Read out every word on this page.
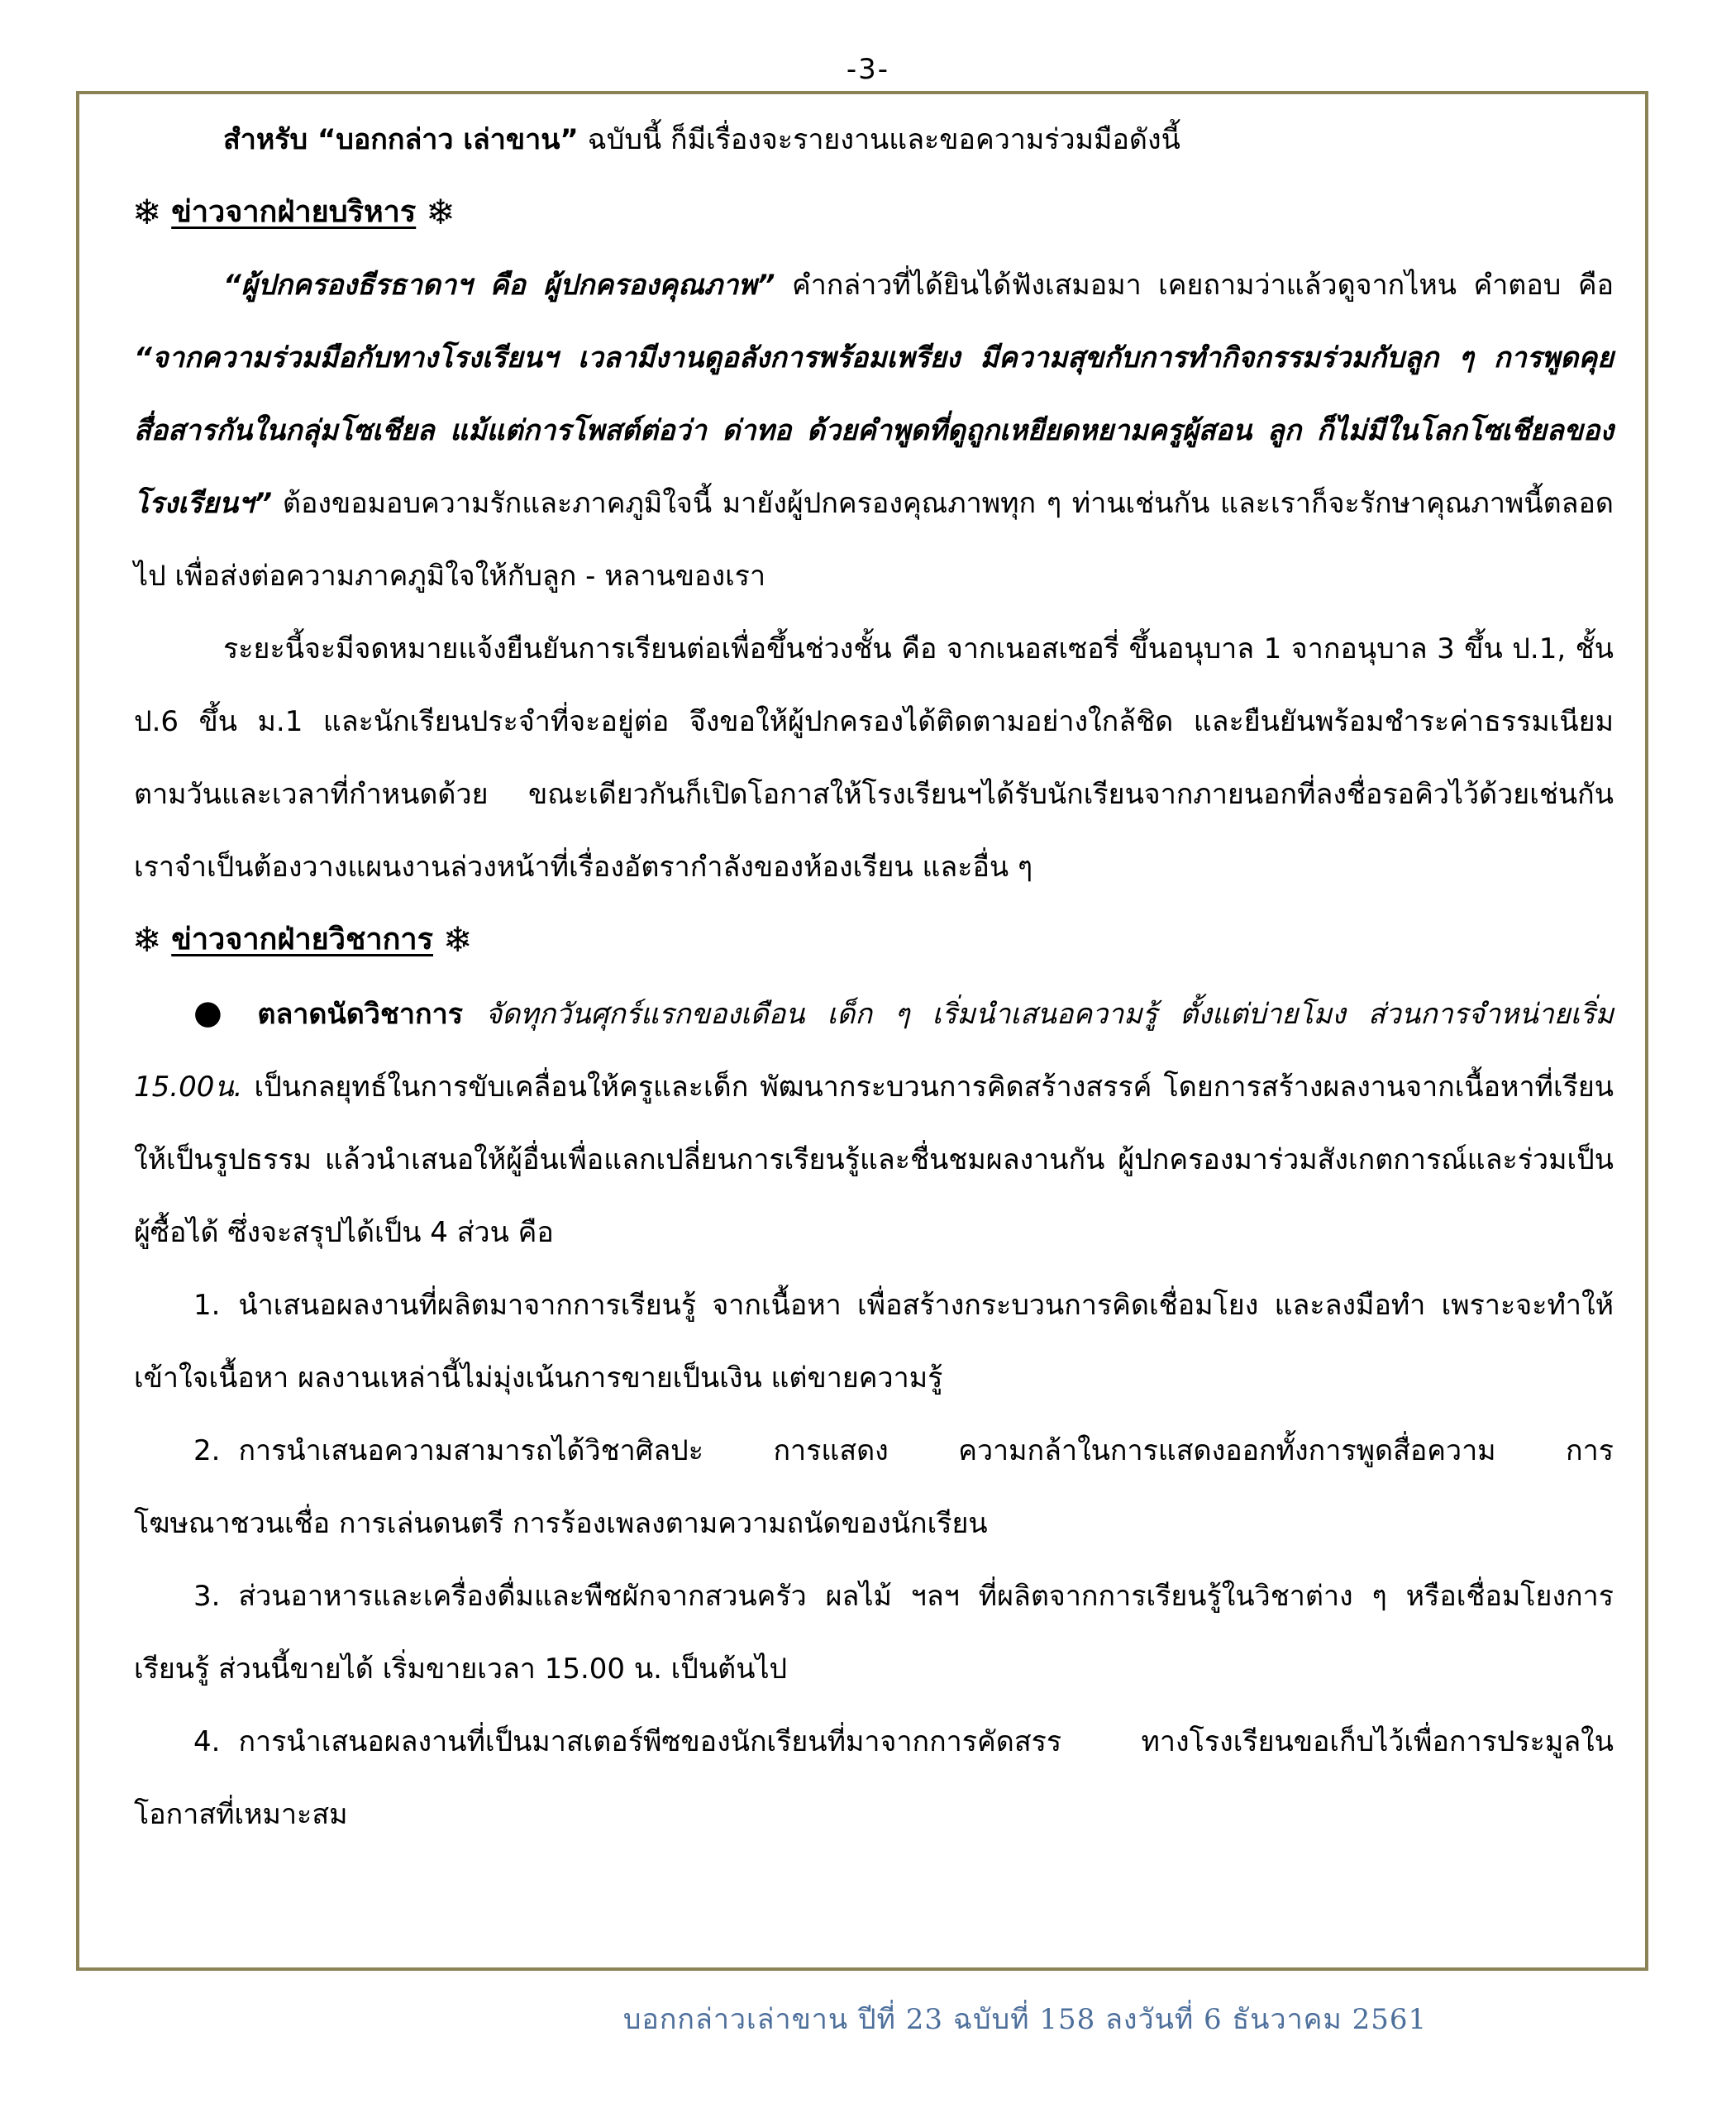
-3-

สำหรับ “บอกกล่าว เล่าขาน” ฉบับนี้ ก็มีเรื่องจะรายงานและขอความร่วมมือดังนี้

❄ ข่าวจากฝ่ายบริหาร ❄

“ผู้ปกครองธีรธาดาฯ คือ ผู้ปกครองคุณภาพ” คำกล่าวที่ได้ยินได้ฟังเสมอมา เคยถามว่าแล้วดูจากไหน คำตอบ คือ “จากความร่วมมือกับทางโรงเรียนฯ เวลามีงานดูอลังการพร้อมเพรียง มีความสุขกับการทำกิจกรรมร่วมกับลูก ๆ การพูดคุยสื่อสารกันในกลุ่มโซเชียล แม้แต่การโพสต์ต่อว่า ด่าทอ ด้วยคำพูดที่ดูถูกเหยียดหยามครูผู้สอน ลูก ก็ไม่มีในโลกโซเชียลของโรงเรียนฯ” ต้องขอมอบความรักและภาคภูมิใจนี้ มายังผู้ปกครองคุณภาพทุก ๆ ท่านเช่นกัน และเราก็จะรักษาคุณภาพนี้ตลอดไป เพื่อส่งต่อความภาคภูมิใจให้กับลูก - หลานของเรา

ระยะนี้จะมีจดหมายแจ้งยืนยันการเรียนต่อเพื่อขึ้นช่วงชั้น คือ จากเนอสเซอรี่ ขึ้นอนุบาล 1 จากอนุบาล 3 ขึ้น ป.1, ชั้น ป.6 ขึ้น ม.1 และนักเรียนประจำที่จะอยู่ต่อ จึงขอให้ผู้ปกครองได้ติดตามอย่างใกล้ชิด และยืนยันพร้อมชำระค่าธรรมเนียม ตามวันและเวลาที่กำหนดด้วย ขณะเดียวกันก็เปิดโอกาสให้โรงเรียนฯได้รับนักเรียนจากภายนอกที่ลงชื่อรอคิวไว้ด้วยเช่นกัน เราจำเป็นต้องวางแผนงานล่วงหน้าที่เรื่องอัตรากำลังของห้องเรียน และอื่น ๆ

❄ ข่าวจากฝ่ายวิชาการ ❄

● ตลาดนัดวิชาการ จัดทุกวันศุกร์แรกของเดือน เด็ก ๆ เริ่มนำเสนอความรู้ ตั้งแต่บ่ายโมง ส่วนการจำหน่ายเริ่ม 15.00น. เป็นกลยุทธ์ในการขับเคลื่อนให้ครูและเด็ก พัฒนากระบวนการคิดสร้างสรรค์ โดยการสร้างผลงานจากเนื้อหาที่เรียนให้เป็นรูปธรรม แล้วนำเสนอให้ผู้อื่นเพื่อแลกเปลี่ยนการเรียนรู้และชื่นชมผลงานกัน ผู้ปกครองมาร่วมสังเกตการณ์และร่วมเป็นผู้ซื้อได้ ซึ่งจะสรุปได้เป็น 4 ส่วน คือ

1. นำเสนอผลงานที่ผลิตมาจากการเรียนรู้ จากเนื้อหา เพื่อสร้างกระบวนการคิดเชื่อมโยง และลงมือทำ เพราะจะทำให้เข้าใจเนื้อหา ผลงานเหล่านี้ไม่มุ่งเน้นการขายเป็นเงิน แต่ขายความรู้

2. การนำเสนอความสามารถได้วิชาศิลปะ การแสดง ความกล้าในการแสดงออกทั้งการพูดสื่อความ การโฆษณาชวนเชื่อ การเล่นดนตรี การร้องเพลงตามความถนัดของนักเรียน

3. ส่วนอาหารและเครื่องดื่มและพืชผักจากสวนครัว ผลไม้ ฯลฯ ที่ผลิตจากการเรียนรู้ในวิชาต่าง ๆ หรือเชื่อมโยงการเรียนรู้ ส่วนนี้ขายได้ เริ่มขายเวลา 15.00 น. เป็นต้นไป

4. การนำเสนอผลงานที่เป็นมาสเตอร์พีซของนักเรียนที่มาจากการคัดสรร ทางโรงเรียนขอเก็บไว้เพื่อการประมูลในโอกาสที่เหมาะสม

บอกกล่าวเล่าขาน ปีที่ 23 ฉบับที่ 158 ลงวันที่ 6 ธันวาคม 2561
